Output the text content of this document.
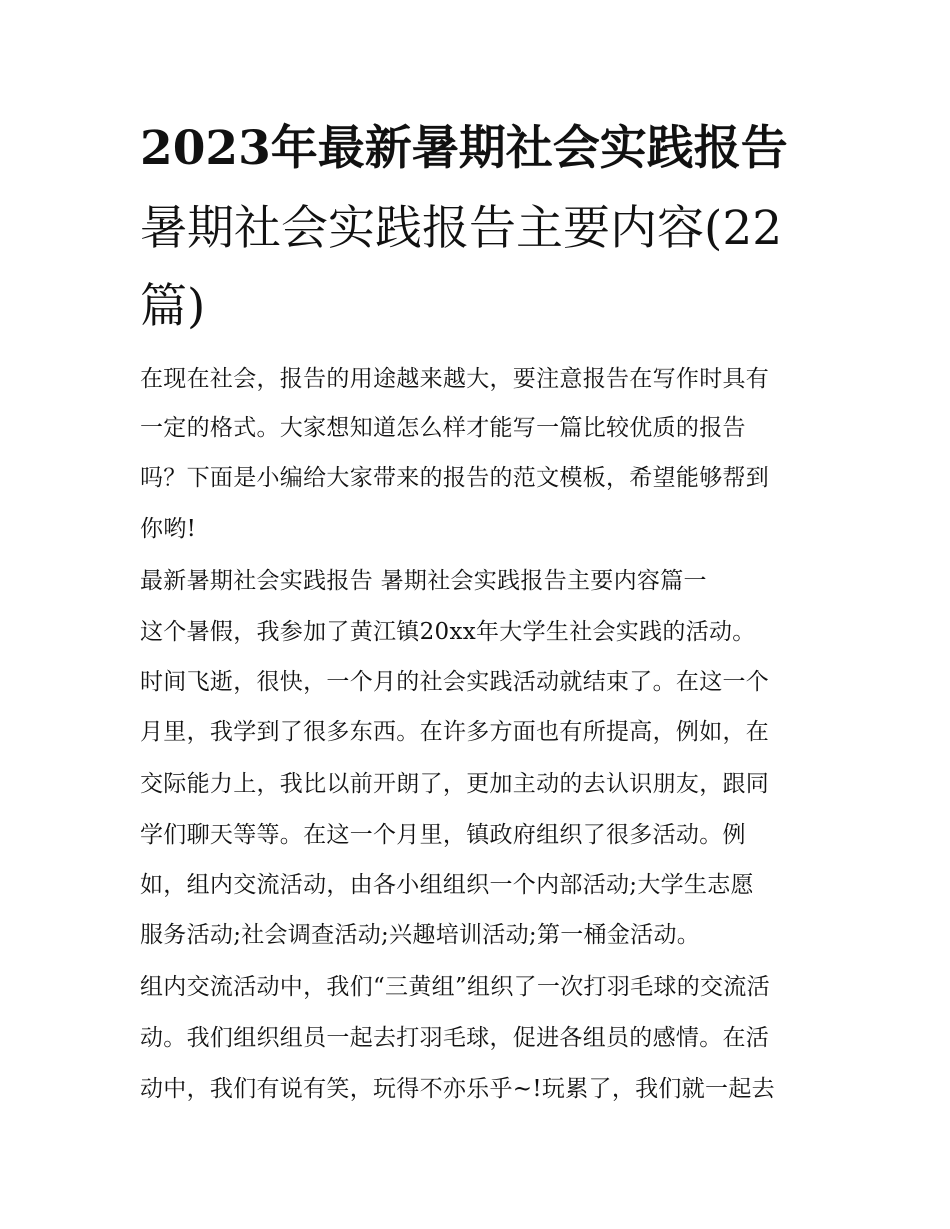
2023年最新暑期社会实践报告
暑期社会实践报告主要内容(22
篇)
在现在社会，报告的用途越来越大，要注意报告在写作时具有
一定的格式。大家想知道怎么样才能写一篇比较优质的报告
吗？下面是小编给大家带来的报告的范文模板，希望能够帮到
你哟!
最新暑期社会实践报告 暑期社会实践报告主要内容篇一
这个暑假，我参加了黄江镇20xx年大学生社会实践的活动。
时间飞逝，很快，一个月的社会实践活动就结束了。在这一个
月里，我学到了很多东西。在许多方面也有所提高，例如，在
交际能力上，我比以前开朗了，更加主动的去认识朋友，跟同
学们聊天等等。在这一个月里，镇政府组织了很多活动。例
如，组内交流活动，由各小组组织一个内部活动;大学生志愿
服务活动;社会调查活动;兴趣培训活动;第一桶金活动。
组内交流活动中，我们“三黄组”组织了一次打羽毛球的交流活
动。我们组织组员一起去打羽毛球，促进各组员的感情。在活
动中，我们有说有笑，玩得不亦乐乎~!玩累了，我们就一起去
